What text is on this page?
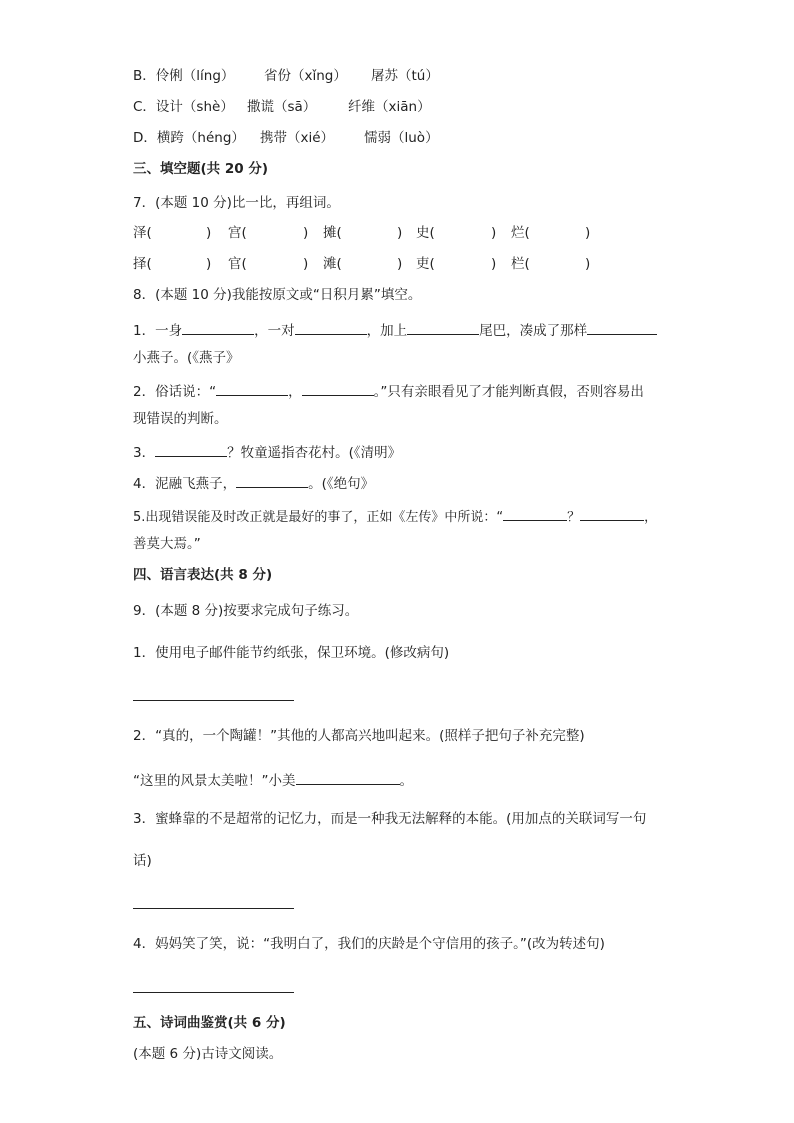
B．伶俐（líng） 省份（xǐng） 屠苏（tú）
C．设计（shè） 撒谎（sā） 纤维（xiān）
D．横跨（héng） 携带（xié） 懦弱（luò）
三、填空题(共 20 分)
7．(本题 10 分)比一比，再组词。
泽(	) 宫(	) 摊(	) 史(	) 烂(	)
择(	) 官(	) 滩(	) 吏(	) 栏(	)
8．(本题 10 分)我能按原文或“日积月累”填空。
1．一身	，一对	，加上	尾巴，凑成了那样
小燕子。(《燕子》
2．俗话说：“	，	。”只有亲眼看见了才能判断真假，否则容易出
现错误的判断。
3．	？牧童遥指杏花村。(《清明》
4．泥融飞燕子，	。(《绝句》
5.出现错误能及时改正就是最好的事了，正如《左传》中所说：“	？	，
善莫大焉。”
四、语言表达(共 8 分)
9．(本题 8 分)按要求完成句子练习。
1．使用电子邮件能节约纸张，保卫环境。(修改病句)
2．“真的，一个陶罐！”其他的人都高兴地叫起来。(照样子把句子补充完整)
“这里的风景太美啦！”小美	。
3．蜜蜂靠的不是超常的记忆力，而是一种我无法解释的本能。(用加点的关联词写一句
话)
4．妈妈笑了笑，说：“我明白了，我们的庆龄是个守信用的孩子。”(改为转述句)
五、诗词曲鉴赏(共 6 分)
(本题 6 分)古诗文阅读。
